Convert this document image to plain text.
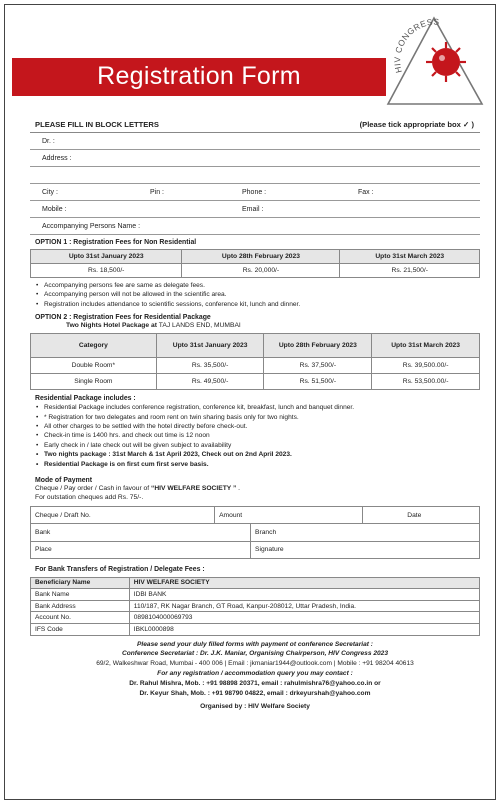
Registration Form	HIV CONGRESS
PLEASE FILL IN BLOCK LETTERS	(Please tick appropriate box ✓ )
Dr. :
Address :
City :	Pin :	Phone :	Fax :
Mobile :	Email :
Accompanying Persons Name :
OPTION 1 : Registration Fees for Non Residential
Upto 31st January 2023	Upto 28th February 2023	Upto 31st March 2023
Rs. 18,500/-	Rs. 20,000/-	Rs. 21,500/-
• Accompanying persons fee are same as delegate fees.
• Accompanying person will not be allowed in the scientific area.
• Registration includes attendance to scientific sessions, conference kit, lunch and dinner.
OPTION 2 : Registration Fees for Residential Package
Two Nights Hotel Package at TAJ LANDS END, MUMBAI
Category	Upto 31st January 2023	Upto 28th February 2023	Upto 31st March 2023
Double Room*	Rs. 35,500/-	Rs. 37,500/-	Rs. 39,500.00/-
Single Room	Rs. 49,500/-	Rs. 51,500/-	Rs. 53,500.00/-
Residential Package includes :
• Residential Package includes conference registration, conference kit, breakfast, lunch and banquet dinner.
• * Registration for two delegates and room rent on twin sharing basis only for two nights.
• All other charges to be settled with the hotel directly before check-out.
• Check-in time is 1400 hrs. and check out time is 12 noon
• Early check in / late check out will be given subject to availability
• Two nights package : 31st March & 1st April 2023, Check out on 2nd April 2023.
• Residential Package is on first cum first serve basis.
Mode of Payment
Cheque / Pay order / Cash in favour of “HIV WELFARE SOCIETY ” .
For outstation cheques add Rs. 75/-.
Cheque / Draft No.	Amount	Date
Bank	Branch
Place	Signature
For Bank Transfers of Registration / Delegate Fees :
Beneficiary Name	HIV WELFARE SOCIETY
Bank Name	IDBI BANK
Bank Address	110/187, RK Nagar Branch, GT Road, Kanpur-208012, Uttar Pradesh, India.
Account No.	0898104000069793
IFS Code	IBKL0000898
Please send your duly filled forms with payment ot conference Secretariat :
Conference Secretariat : Dr. J.K. Maniar, Organising Chairperson, HIV Congress 2023
69/2, Walkeshwar Road, Mumbai - 400 006 | Email : jkmaniar1944@outlook.com | Mobile : +91 98204 40613
For any registration / accommodation query you may contact :
Dr. Rahul Mishra, Mob. : +91 98898 20371, email : rahulmishra76@yahoo.co.in or
Dr. Keyur Shah, Mob. : +91 98790 04822, email : drkeyurshah@yahoo.com
Organised by : HIV Welfare Society
